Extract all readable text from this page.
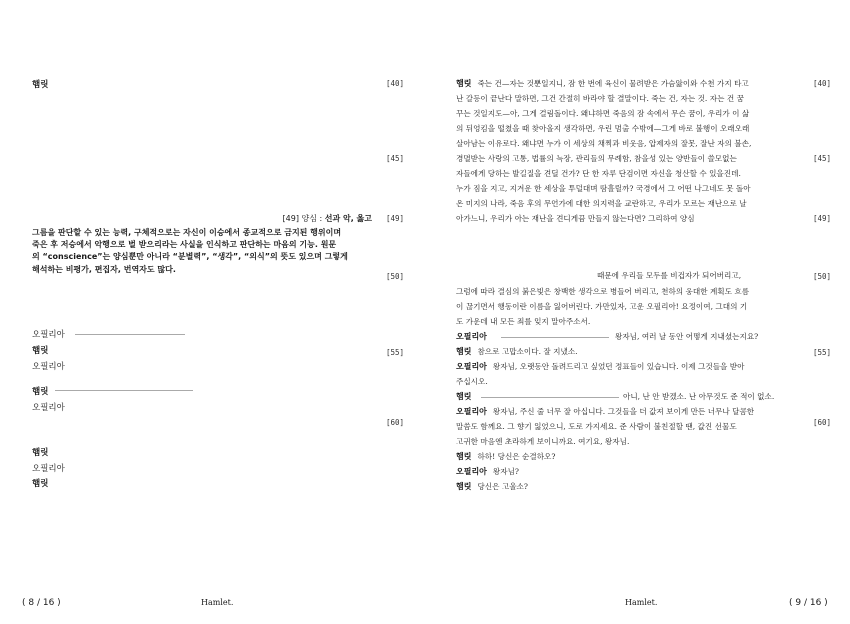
햄릿	[40]
[45]
[49]
[50]
[55]
[60]
[49] 양심 : 선과 악, 옳고
그름을 판단할 수 있는 능력, 구체적으로는 자신이 이승에서 종교적으로 금지된 행위이며
죽은 후 저승에서 악행으로 벌 받으리라는 사실을 인식하고 판단하는 마음의 기능. 원문
의 “conscience”는 양심뿐만 아니라 “분별력”, “생각”, “의식”의 뜻도 있으며 그렇게
해석하는 비평가, 편집자, 번역자도 많다.
오필리아
햄릿
오필리아
햄릿
오필리아
햄릿
오필리아
햄릿
( 8 / 16 )	Hamlet.
[40]
[45]
[49]
[50]
[55]
[60]
햄릿 죽는 건—자는 것뿐일지니, 잠 한 번에 육신이 물려받은 가슴앓이와 수천 가지 타고
난 갈등이 끝난다 말하면, 그건 간절히 바라야 할 결말이다. 죽는 건, 자는 것. 자는 건 꿈
꾸는 것일지도—아, 그게 걸림돌이다. 왜냐하면 죽음의 잠 속에서 무슨 꿈이, 우리가 이 삶
의 뒤엉킴을 떨쳤을 때 찾아올지 생각하면, 우린 멈출 수밖에—그게 바로 불행이 오래오래
살아남는 이유로다. 왜냐면 누가 이 세상의 채찍과 비웃음, 압제자의 잘못, 잘난 자의 불손,
경멸받는 사랑의 고통, 법률의 늑장, 관리들의 무례함, 참을성 있는 양반들이 쓸모없는
자들에게 당하는 발길질을 견딜 건가? 단 한 자루 단검이면 자신을 청산할 수 있을진데.
누가 짐을 지고, 지겨운 한 세상을 투덜대며 땀흘릴까? 국경에서 그 어떤 나그네도 못 돌아
온 미지의 나라, 죽음 후의 무언가에 대한 의지력을 교란하고, 우리가 모르는 재난으로 날
아가느니, 우리가 아는 재난을 견디게끔 만들지 않는다면? 그리하여 양심
때문에 우리들 모두를 비겁자가 되어버리고,
그럼에 따라 결심의 붉은빛은 창백한 생각으로 병들어 버리고, 천하의 웅대한 계획도 흐름
이 끊기면서 행동이란 이름을 잃어버린다. 가만있자, 고운 오필리아! 요정이여, 그대의 기
도 가운데 내 모든 죄를 잊지 말아주소서.
오필리아	왕자님, 여러 날 동안 어떻게 지내셨는지요?
햄릿 참으로 고맙소이다. 잘 지냈소.
오필리아 왕자님, 오랫동안 돌려드리고 싶었던 정표들이 있습니다. 이제 그것들을 받아
주십시오.
햄릿	아니, 난 안 받겠소. 난 아무것도 준 적이 없소.
오필리아 왕자님, 주신 줄 너무 잘 아십니다. 그것들을 더 값져 보이게 만든 너무나 달콤한
말씀도 함께요. 그 향기 잃었으니, 도로 가지세요. 준 사람이 불친절할 땐, 값진 선물도
고귀한 마음엔 초라하게 보이니까요. 여기요, 왕자님.
햄릿 하하! 당신은 순결하오?
오필리아 왕자님?
햄릿 당신은 고울소?
Hamlet.	( 9 / 16 )
